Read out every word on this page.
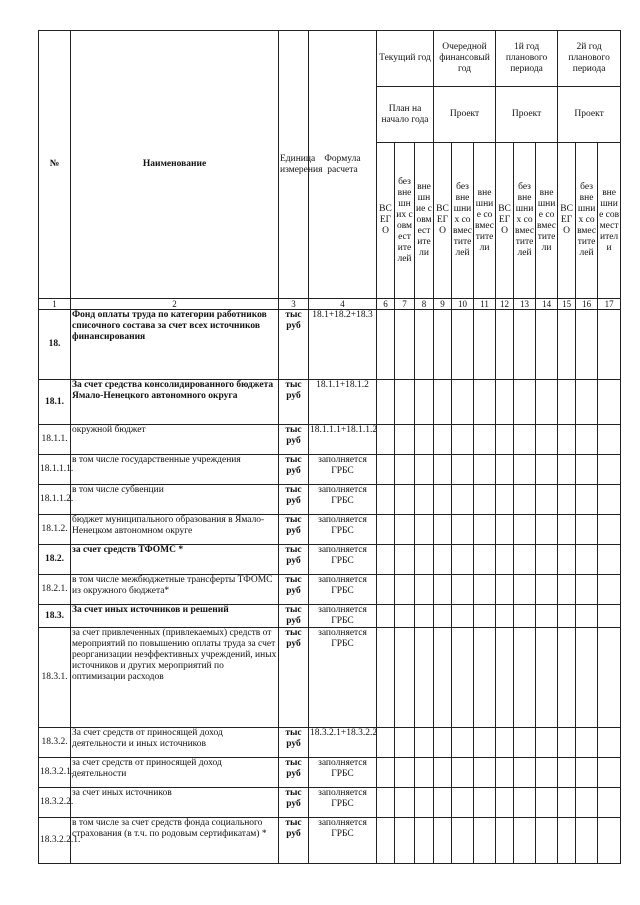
№	Наименование	Единица измерения	Формула расчета	Текущий год			Очередной финансовый год			1й год планового периода			2й год планового периода		
				План на начало года			Проект			Проект			Проект		
				ВСЕГО	без внешних совместителей	внешние совместители	ВСЕГО	без внешних совместителей	внешние совместители	ВСЕГО	без внешних совместителей	внешние совместители	ВСЕГО	без внешних совместителей	внешние совместители
1	2	3	4	6	7	8	9	10	11	12	13	14	15	16	17
18.	Фонд оплаты труда по категории работников списочного состава за счет всех источников финансирования	тыс руб	18.1+18.2+18.3												
18.1.	За счет средства консолидированного бюджета Ямало-Ненецкого автономного округа	тыс руб	18.1.1+18.1.2												
18.1.1.	окружной бюджет	тыс руб	18.1.1.1+18.1.1.2												
18.1.1.1.	в том числе государственные учреждения	тыс руб	заполняется ГРБС												
18.1.1.2.	в том числе субвенции	тыс руб	заполняется ГРБС												
18.1.2.	бюджет муниципального образования в Ямало-Ненецком автономном округе	тыс руб	заполняется ГРБС												
18.2.	за счет средств ТФОМС *	тыс руб	заполняется ГРБС												
18.2.1.	в том числе межбюджетные трансферты ТФОМС из окружного бюджета*	тыс руб	заполняется ГРБС												
18.3.	За счет иных источников и решений	тыс руб	заполняется ГРБС												
18.3.1.	за счет привлеченных (привлекаемых) средств от мероприятий по повышению оплаты труда за счет реорганизации неэффективных учреждений, иных источников и других мероприятий по оптимизации расходов	тыс руб	заполняется ГРБС												
18.3.2.	За счет средств от приносящей доход деятельности и иных источников	тыс руб	18.3.2.1+18.3.2.2												
18.3.2.1.	за счет средств от приносящей доход деятельности	тыс руб	заполняется ГРБС												
18.3.2.2.	за счет иных источников	тыс руб	заполняется ГРБС												
18.3.2.2.1.	в том числе за счет средств фонда социального страхования (в т.ч. по родовым сертификатам) *	тыс руб	заполняется ГРБС												
